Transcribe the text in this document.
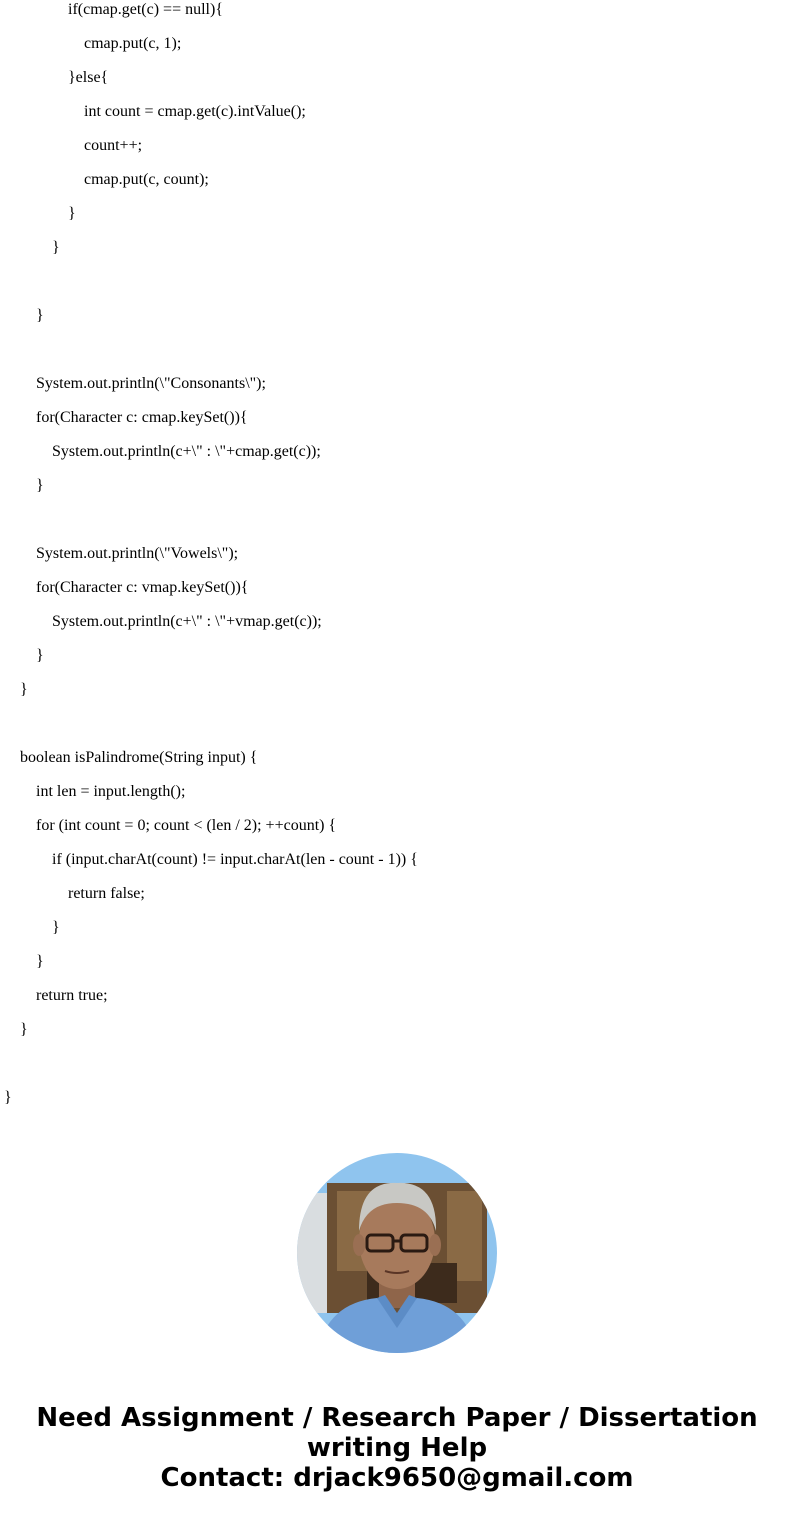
if(cmap.get(c) == null){
cmap.put(c, 1);
}else{
int count = cmap.get(c).intValue();
count++;
cmap.put(c, count);
}
}
}
System.out.println(\"Consonants\");
for(Character c: cmap.keySet()){
System.out.println(c+\" : \"+cmap.get(c));
}
System.out.println(\"Vowels\");
for(Character c: vmap.keySet()){
System.out.println(c+\" : \"+vmap.get(c));
}
}
boolean isPalindrome(String input) {
int len = input.length();
for (int count = 0; count < (len / 2); ++count) {
if (input.charAt(count) != input.charAt(len - count - 1)) {
return false;
}
}
return true;
}
}
Need Assignment / Research Paper / Dissertation
writing Help
Contact: drjack9650@gmail.com
